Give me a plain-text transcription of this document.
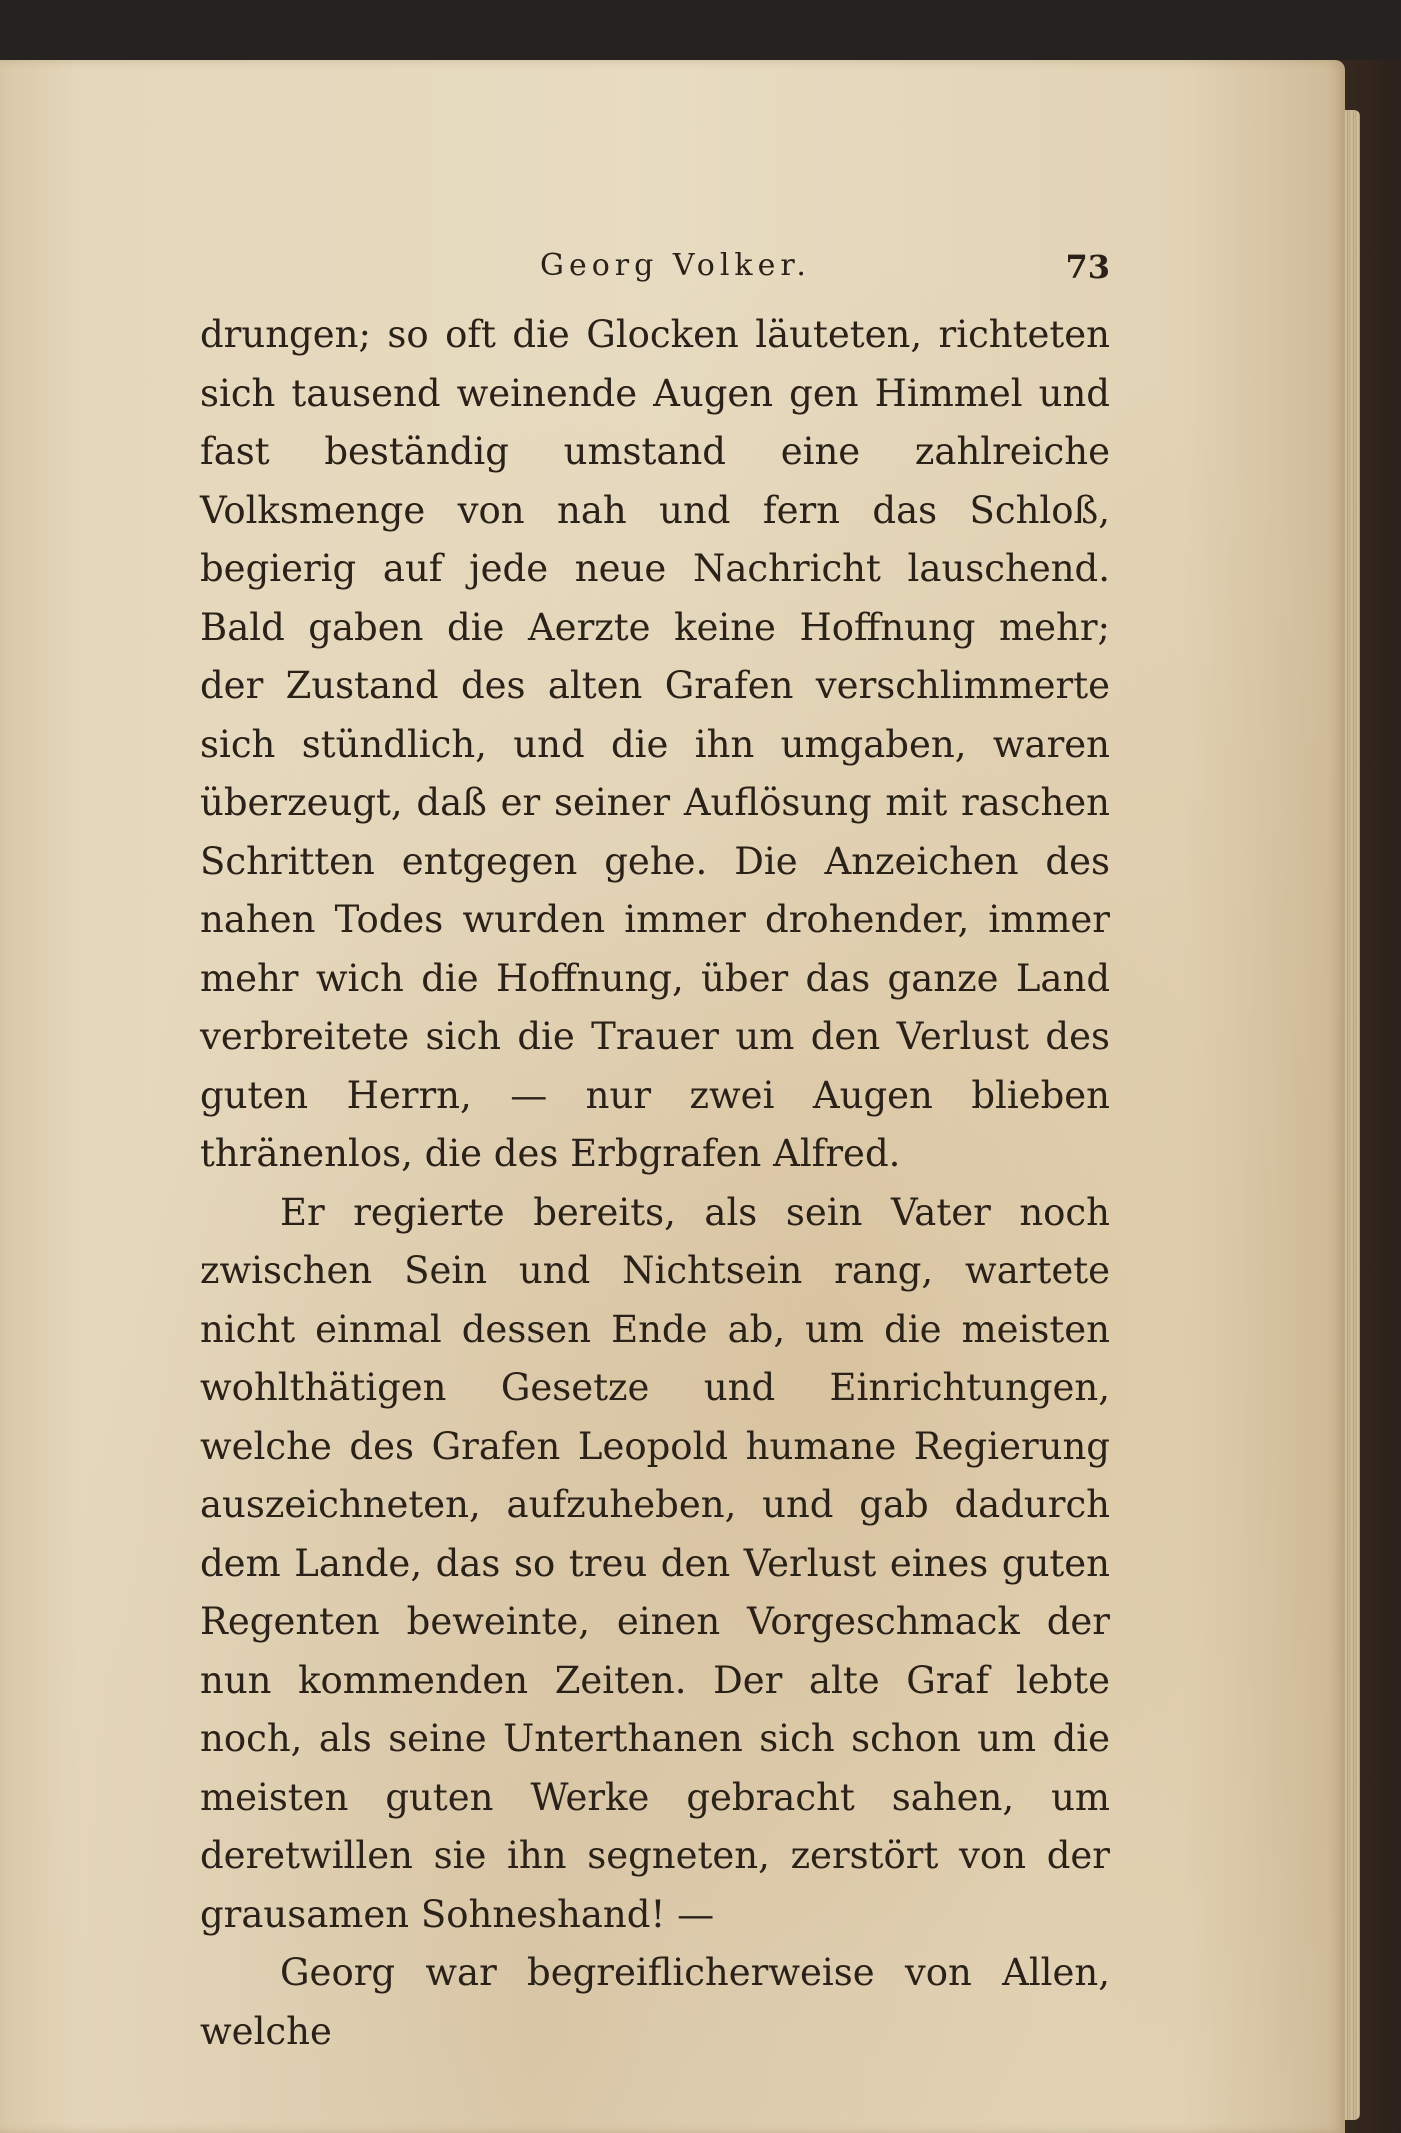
Georg Volker.	73

drungen; so oft die Glocken läuteten, richteten sich tausend weinende Augen gen Himmel und fast beständig umstand eine zahlreiche Volksmenge von nah und fern das Schloß, begierig auf jede neue Nachricht lauschend. Bald gaben die Aerzte keine Hoffnung mehr; der Zustand des alten Grafen verschlimmerte sich stündlich, und die ihn umgaben, waren überzeugt, daß er seiner Auflösung mit raschen Schritten entgegen gehe. Die Anzeichen des nahen Todes wurden immer drohender, immer mehr wich die Hoffnung, über das ganze Land verbreitete sich die Trauer um den Verlust des guten Herrn, — nur zwei Augen blieben thränenlos, die des Erbgrafen Alfred.

Er regierte bereits, als sein Vater noch zwischen Sein und Nichtsein rang, wartete nicht einmal dessen Ende ab, um die meisten wohlthätigen Gesetze und Einrichtungen, welche des Grafen Leopold humane Regierung auszeichneten, aufzuheben, und gab dadurch dem Lande, das so treu den Verlust eines guten Regenten beweinte, einen Vorgeschmack der nun kommenden Zeiten. Der alte Graf lebte noch, als seine Unterthanen sich schon um die meisten guten Werke gebracht sahen, um deretwillen sie ihn segneten, zerstört von der grausamen Sohneshand! —

Georg war begreiflicherweise von Allen, welche
